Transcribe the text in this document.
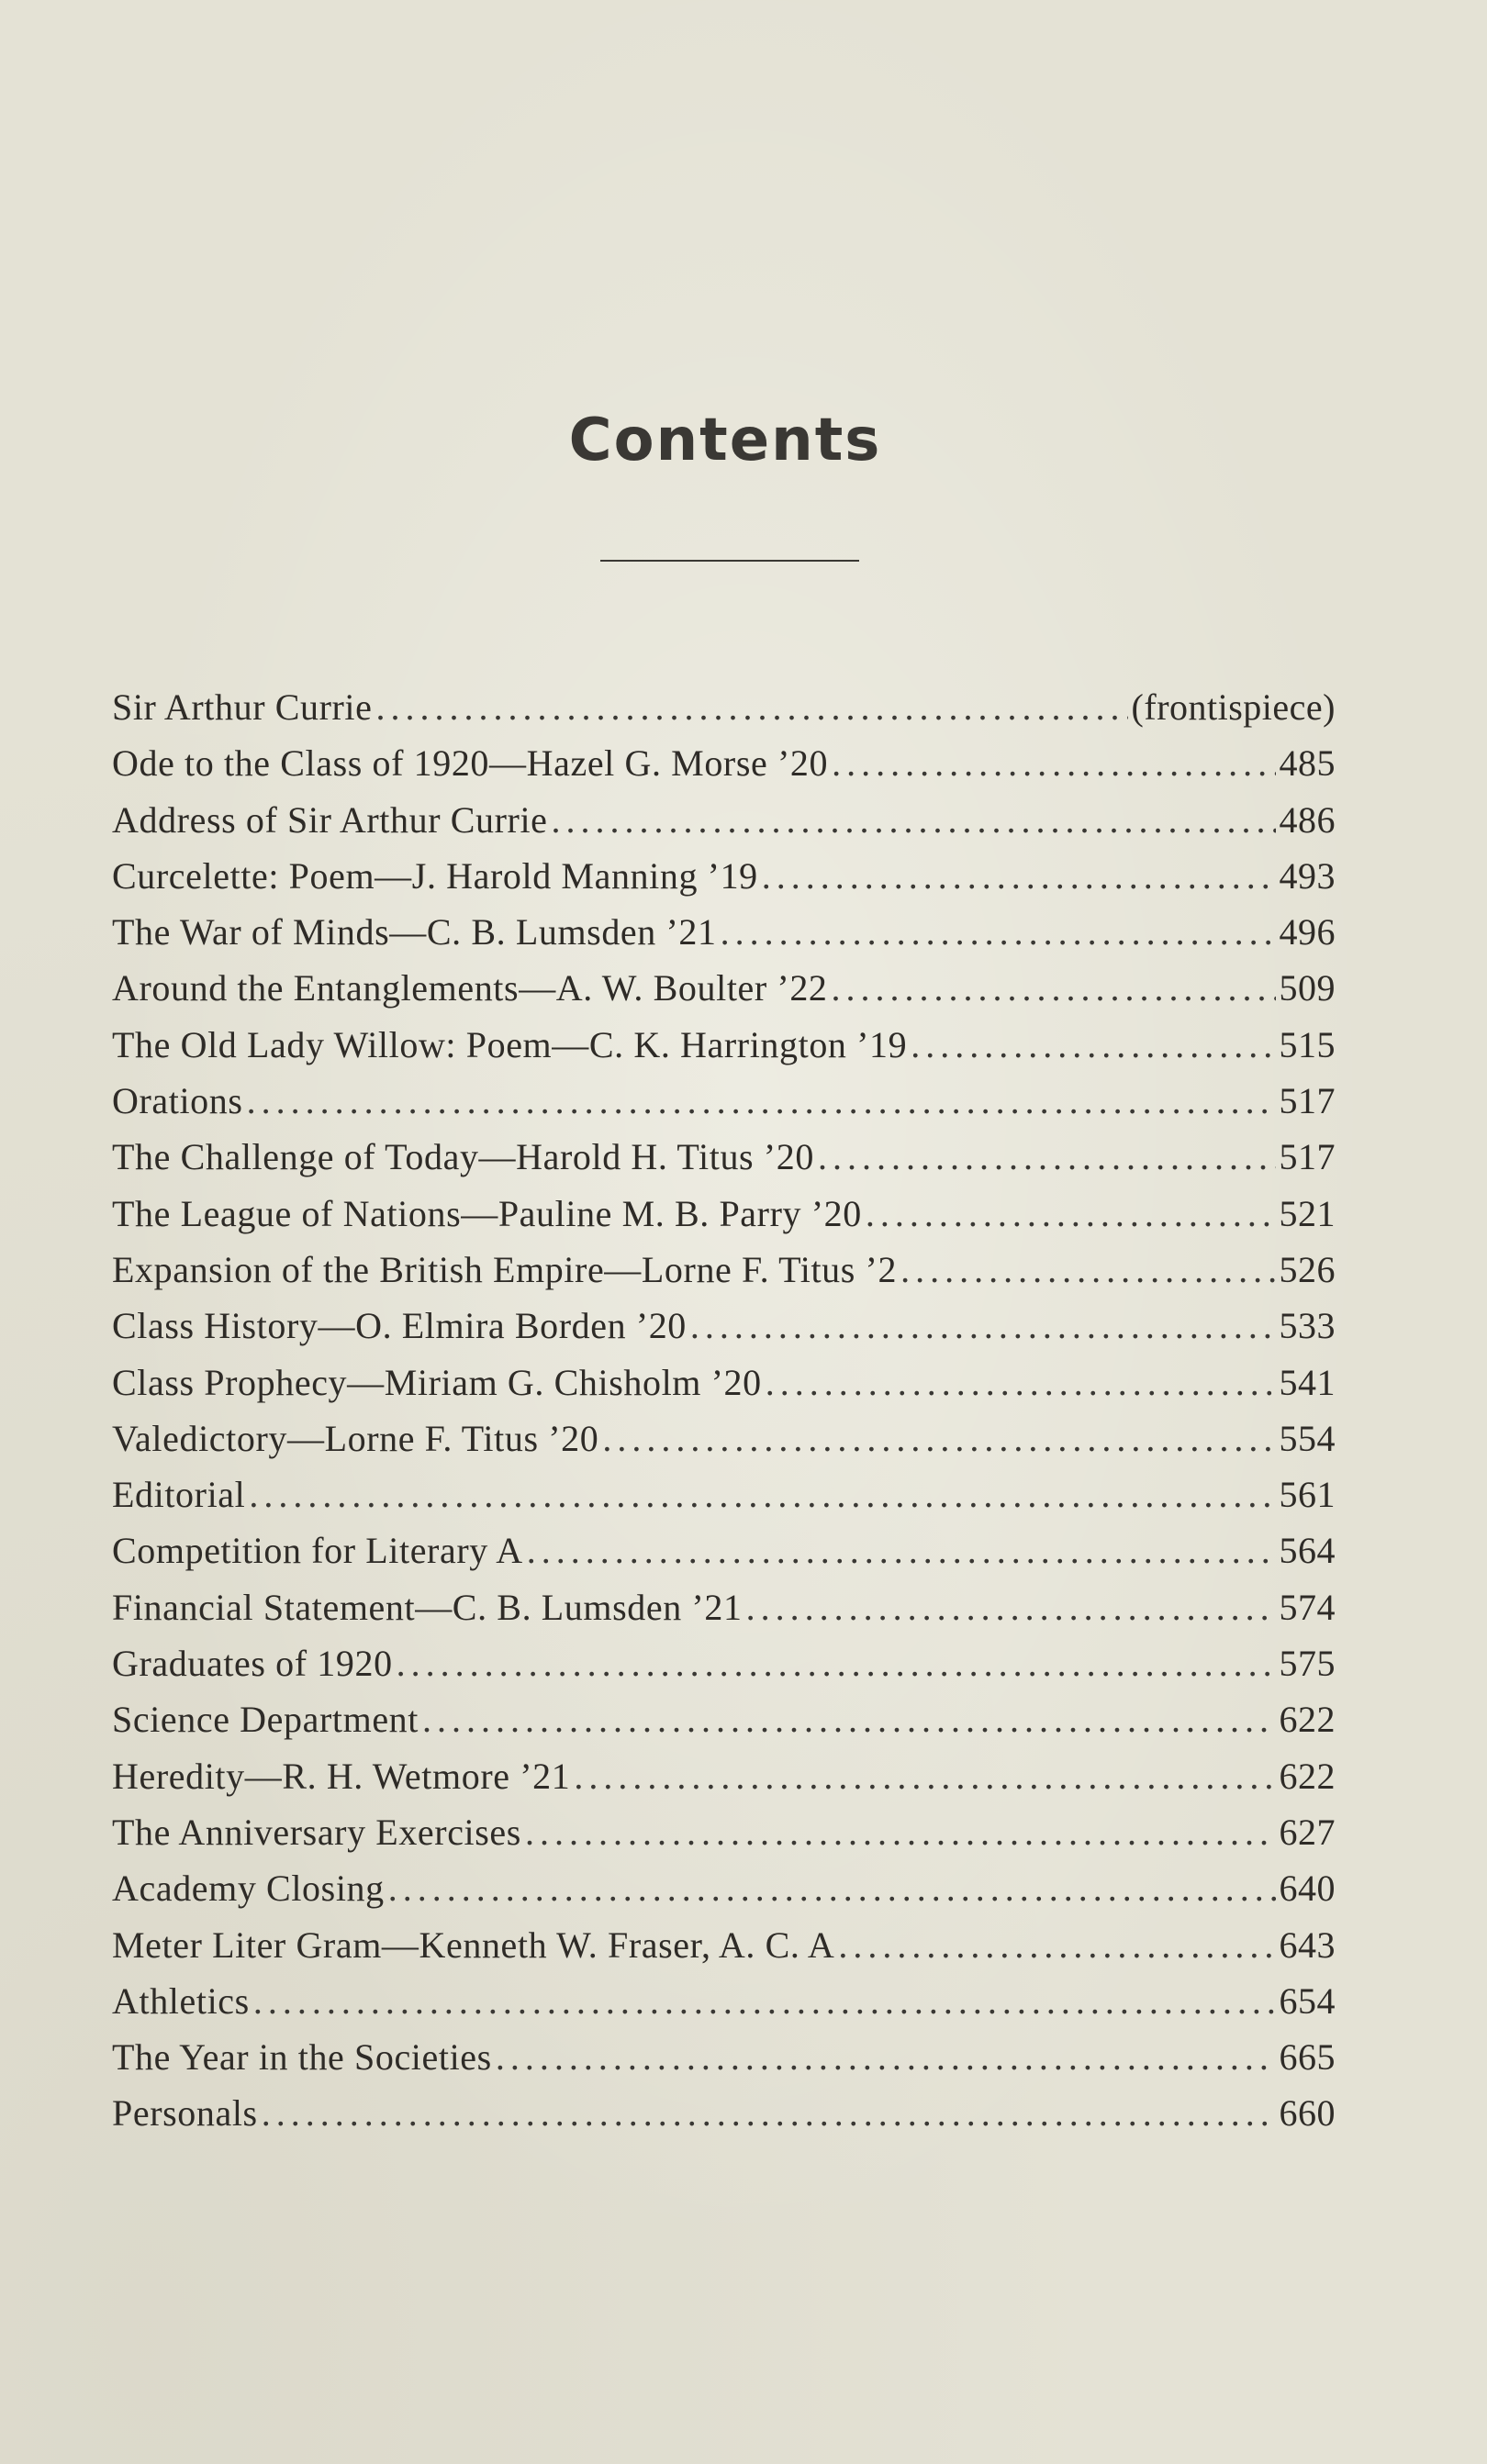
Contents
Sir Arthur Currie .....	(frontispiece)
Ode to the Class of 1920—Hazel G. Morse ’20 .....	485
Address of Sir Arthur Currie .....	486
Curcelette: Poem—J. Harold Manning ’19 .....	493
The War of Minds—C. B. Lumsden ’21 .....	496
Around the Entanglements—A. W. Boulter ’22 .....	509
The Old Lady Willow: Poem—C. K. Harrington ’19 .....	515
Orations .....	517
The Challenge of Today—Harold H. Titus ’20 .....	517
The League of Nations—Pauline M. B. Parry ’20 .....	521
Expansion of the British Empire—Lorne F. Titus ’2 .....	526
Class History—O. Elmira Borden ’20 .....	533
Class Prophecy—Miriam G. Chisholm ’20 .....	541
Valedictory—Lorne F. Titus ’20 .....	554
Editorial .....	561
Competition for Literary A .....	564
Financial Statement—C. B. Lumsden ’21 .....	574
Graduates of 1920 .....	575
Science Department .....	622
Heredity—R. H. Wetmore ’21 .....	622
The Anniversary Exercises .....	627
Academy Closing .....	640
Meter Liter Gram—Kenneth W. Fraser, A. C. A .....	643
Athletics .....	654
The Year in the Societies .....	665
Personals .....	660
